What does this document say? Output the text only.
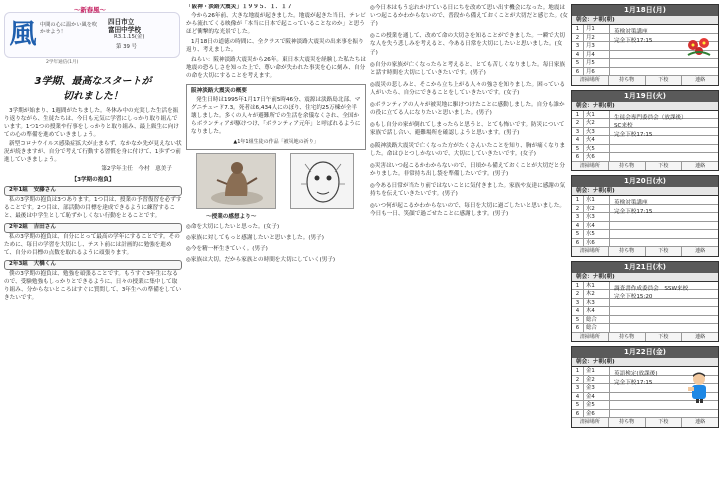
〜新春風〜
風 中間の心に温かい風を吹かせよう！
四日市立
富田中学校
R3.1.15(金)
第 39 号
2学年通信(1月)
3学期、最高なスタートが
切れました！
3学期が始まり、1週間がたちました。冬休み中の充実した生活を振り返りながら、生徒たちは、今日も元気に学習にしっかり取り組んでいます。1つ1つの授業や行事をしっかりと取り組み、最上級生に向けての心の準備を進めていきましょう。
新型コロナウイルス感染症拡大が止まらず、なかなか先が見えない状況が続きますが、自分で考えて行動する習慣を身に付けて、1歩ずつ前進していきましょう。
第2学年主任　今村　恵美子
【3学期の抱負】
2年1組　安藤さん
私の3学期の抱負は3つあります。1つ目は、授業の予習復習を必ずすることです。2つ目は、部活動の目標を達成できるように練習すること、最後は中学生として恥ずかしくない行動をとることです。
2年2組　吉田さん
私の3学期の抱負は、自分にとって最高の学年にすることです。そのために、毎日の学習を大切にし、テスト前には計画的に勉強を進めて、自分の目標の点数を取れるように頑張ります。
2年3組　大橋くん
僕の3学期の抱負は、勉強を頑張ることです。もうすぐ3年生になるので、受験勉強もしっかりとできるように、日々の授業に集中して取り組み、分からないところはすぐに質問して、3年生への準備をしていきたいです。
「阪神・淡路大震災」１９９５．１．１７
今から26年前、大きな地震が起きました。地震が起きた当日、テレビから流れてくる映像が「本当に日本で起こっていることなのか」と思うほど衝撃的な光景でした。
1月18日の道徳の時間に、全クラスで阪神淡路大震災の出来事を振り返り、考えました。
ねらい：阪神淡路大震災から26年。東日本大震災を経験した私たちは地震の恐ろしさを知った上で、尊い命が失われた事実を心に刻み、自分の命を大切にすることを考えます。
阪神淡路大震災の概要
発生日時は1995年1月17日午前5時46分、震源は淡路島北部、マグニチュード7.3。死者は6,434人にのぼり、住宅約25万棟が全半壊しました。多くの人々が避難所での生活を余儀なくされ、全国からボランティアが駆けつけ、「ボランティア元年」と呼ばれるようになりました。
▲1年1組生徒の作品「被災地の祈り」
〜授業の感想より〜
◎命を大切にしたいと思った。(女子)
◎家族に対してもっと感謝したいと思いました。(男子)
◎今を精一杯生きていく。(男子)
◎家族は大切。だから家族との時間を大切にしていく(男子)
◎今日本はもう忘れかけている日にちを改めて思い出す機会になった。地震はいつ起こるかわからないので、普段から備えておくことが大切だと感じた。(女子)
◎この授業を通して、改めて命の大切さを知ることができました。一瞬で大切な人を失う悲しみを考えると、今ある日常を大切にしたいと思いました。(女子)
◎自分の家族が亡くなったらと考えると、とても苦しくなりました。毎日家族と話す時間を大切にしていきたいです。(男子)
◎震災の悲しみと、そこから立ち上がる人々の強さを知りました。困っている人がいたら、自分にできることをしていきたいです。(女子)
◎ボランティアの人々が被災地に駆けつけたことに感動しました。自分も誰かの役に立てる人になりたいと思いました。(男子)
◎もし自分の家が倒れてしまったらと思うと、とても怖いです。防災について家族で話し合い、避難場所を確認しようと思います。(男子)
◎阪神淡路大震災で亡くなった方がたくさんいたことを知り、胸が痛くなりました。命はひとつしかないので、大切にしていきたいです。(女子)
◎災害はいつ起こるかわからないので、日頃から備えておくことが大切だと分かりました。非常持ち出し袋を準備したいです。(男子)
◎今ある日常が当たり前ではないことに気付きました。家族や友達に感謝の気持ちを伝えていきたいです。(男子)
◎いつ何が起こるかわからないので、毎日を大切に過ごしたいと思いました。今日も一日、笑顔で過ごせたことに感謝します。(男子)
1月18日(月)
朝会：ナ朝(朝)
1	月1
2	月2
3	月3
4	月4
5	月5
6	月6
英検対策講座
完全下校17:15
清掃場所	持ち物	下校	連絡
1月19日(火)
朝会：ナ朝(朝)
1	火1
2	火2
3	火3
4	火4
5	火5
6	火6
生徒会専門委員会（放課後）
SC来校
完全下校17:15
清掃場所	持ち物	下校	連絡
1月20日(水)
朝会：ナ朝(朝)
1	水1
2	水2
3	水3
4	水4
5	水5
6	水6
英検対策講座
完全下校17:15
清掃場所	持ち物	下校	連絡
1月21日(木)
朝会：ナ朝(朝)
1	木1
2	木2
3	木3
4	木4
5	総合
6	総合
調査書作成委員会　SSW来校
完全下校15:20
清掃場所	持ち物	下校	連絡
1月22日(金)
朝会：ナ朝(朝)
1	金1
2	金2
3	金3
4	金4
5	金5
6	金6
英語検定(放課後)
完全下校17:15
清掃場所	持ち物	下校	連絡
